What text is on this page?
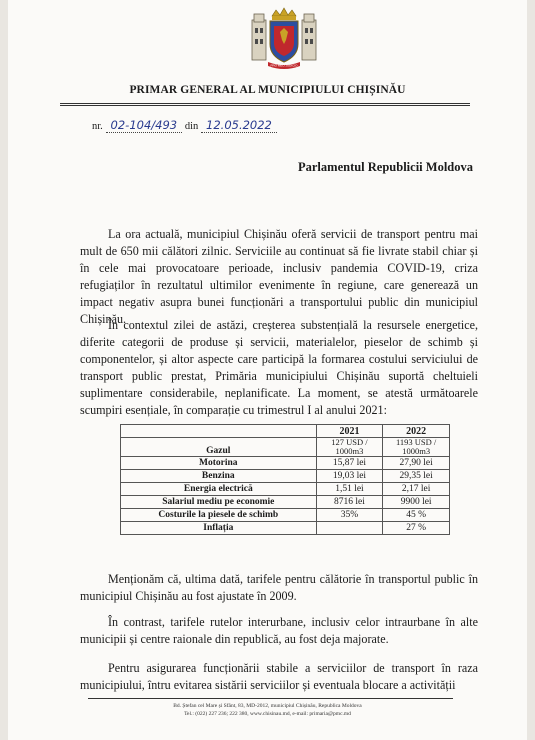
PRO MEO JUDICIO
PRIMAR GENERAL AL MUNICIPIULUI CHIȘINĂU
nr. 02-104/493 din 12.05.2022
Parlamentul Republicii Moldova
La ora actuală, municipiul Chișinău oferă servicii de transport pentru mai mult de 650 mii călători zilnic. Serviciile au continuat să fie livrate stabil chiar și în cele mai provocatoare perioade, inclusiv pandemia COVID-19, criza refugiaților în rezultatul ultimilor evenimente în regiune, care generează un impact negativ asupra bunei funcționări a transportului public din municipiul Chișinău.
În contextul zilei de astăzi, creșterea substențială la resursele energetice, diferite categorii de produse și servicii, materialelor, pieselor de schimb și componentelor, și altor aspecte care participă la formarea costului serviciului de transport public prestat, Primăria municipiului Chișinău suportă cheltuieli suplimentare considerabile, neplanificate. La moment, se atestă următoarele scumpiri esențiale, în comparație cu trimestrul I al anului 2021:
	2021	2022
Gazul	127 USD / 1000m3	1193 USD / 1000m3
Motorina	15,87 lei	27,90 lei
Benzina	19,03 lei	29,35 lei
Energia electrică	1,51 lei	2,17 lei
Salariul mediu pe economie	8716 lei	9900 lei
Costurile la piesele de schimb	35%	45 %
Inflația		27 %
Menționăm că, ultima dată, tarifele pentru călătorie în transportul public în municipiul Chișinău au fost ajustate în 2009.
În contrast, tarifele rutelor interurbane, inclusiv celor intraurbane în alte municipii și centre raionale din republică, au fost deja majorate.
Pentru asigurarea funcționării stabile a serviciilor de transport în raza municipiului, întru evitarea sistării serviciilor și eventuala blocare a activității
Bd. Ștefan cel Mare și Sfânt, 83, MD-2012, municipiul Chișinău, Republica Moldova
Tel.: (022) 227 236; 222 380, www.chisinau.md, e-mail: primaria@pmc.md
